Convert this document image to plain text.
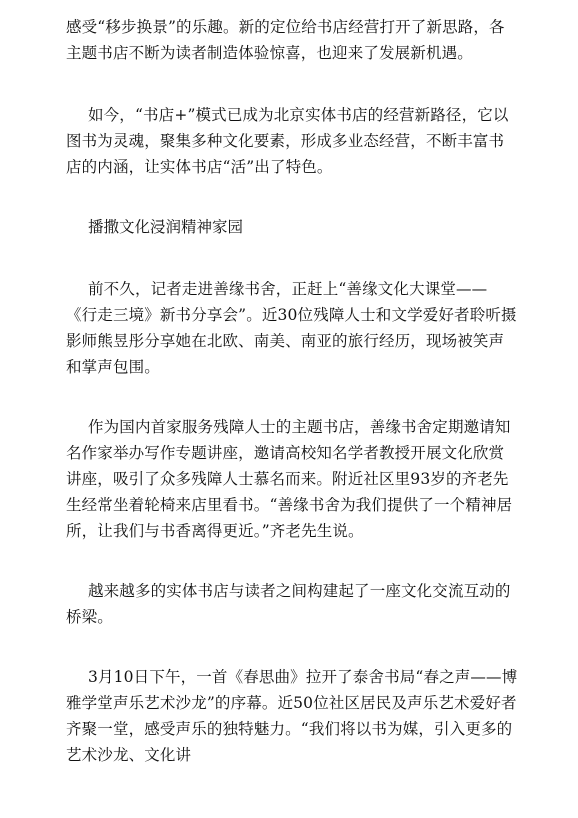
感受“移步换景”的乐趣。新的定位给书店经营打开了新思路，各主题书店不断为读者制造体验惊喜，也迎来了发展新机遇。

如今，“书店+”模式已成为北京实体书店的经营新路径，它以图书为灵魂，聚集多种文化要素，形成多业态经营，不断丰富书店的内涵，让实体书店“活”出了特色。

播撒文化浸润精神家园

前不久，记者走进善缘书舍，正赶上“善缘文化大课堂——《行走三境》新书分享会”。近30位残障人士和文学爱好者聆听摄影师熊昱彤分享她在北欧、南美、南亚的旅行经历，现场被笑声和掌声包围。

作为国内首家服务残障人士的主题书店，善缘书舍定期邀请知名作家举办写作专题讲座，邀请高校知名学者教授开展文化欣赏讲座，吸引了众多残障人士慕名而来。附近社区里93岁的齐老先生经常坐着轮椅来店里看书。“善缘书舍为我们提供了一个精神居所，让我们与书香离得更近。”齐老先生说。

越来越多的实体书店与读者之间构建起了一座文化交流互动的桥梁。

3月10日下午，一首《春思曲》拉开了泰舍书局“春之声——博雅学堂声乐艺术沙龙”的序幕。近50位社区居民及声乐艺术爱好者齐聚一堂，感受声乐的独特魅力。“我们将以书为媒，引入更多的艺术沙龙、文化讲
